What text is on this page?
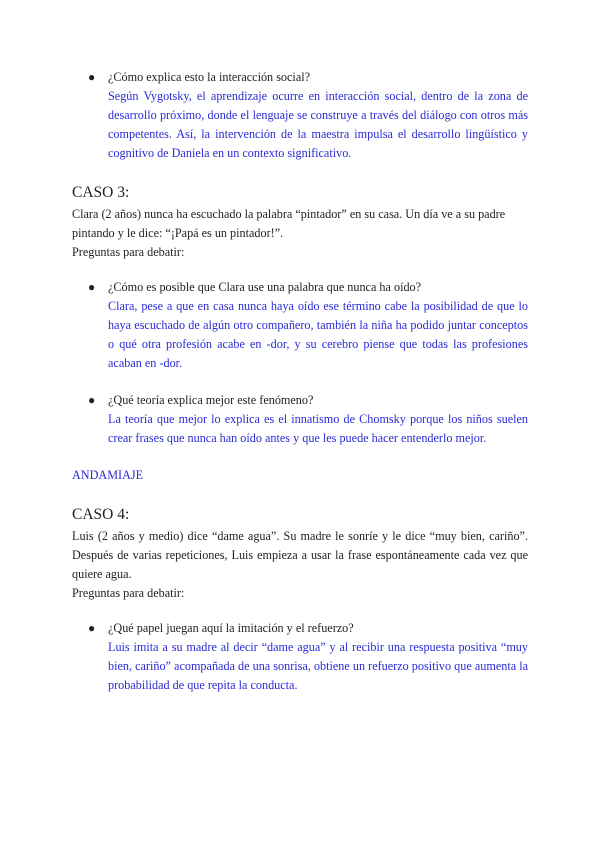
● ¿Cómo explica esto la interacción social?

Según Vygotsky, el aprendizaje ocurre en interacción social, dentro de la zona de desarrollo próximo, donde el lenguaje se construye a través del diálogo con otros más competentes. Así, la intervención de la maestra impulsa el desarrollo lingüístico y cognitivo de Daniela en un contexto significativo.

CASO 3:

Clara (2 años) nunca ha escuchado la palabra “pintador” en su casa. Un día ve a su padre pintando y le dice: “¡Papá es un pintador!”.

Preguntas para debatir:

● ¿Cómo es posible que Clara use una palabra que nunca ha oído?

Clara, pese a que en casa nunca haya oído ese término cabe la posibilidad de que lo haya escuchado de algún otro compañero, también la niña ha podido juntar conceptos o qué otra profesión acabe en -dor, y su cerebro piense que todas las profesiones acaban en -dor.

● ¿Qué teoría explica mejor este fenómeno?

La teoría que mejor lo explica es el innatismo de Chomsky porque los niños suelen crear frases que nunca han oído antes y que les puede hacer entenderlo mejor.

ANDAMIAJE

CASO 4:

Luis (2 años y medio) dice “dame agua”. Su madre le sonríe y le dice “muy bien, cariño”. Después de varias repeticiones, Luis empieza a usar la frase espontáneamente cada vez que quiere agua.

Preguntas para debatir:

● ¿Qué papel juegan aquí la imitación y el refuerzo?

Luis imita a su madre al decir “dame agua” y al recibir una respuesta positiva “muy bien, cariño” acompañada de una sonrisa, obtiene un refuerzo positivo que aumenta la probabilidad de que repita la conducta.
